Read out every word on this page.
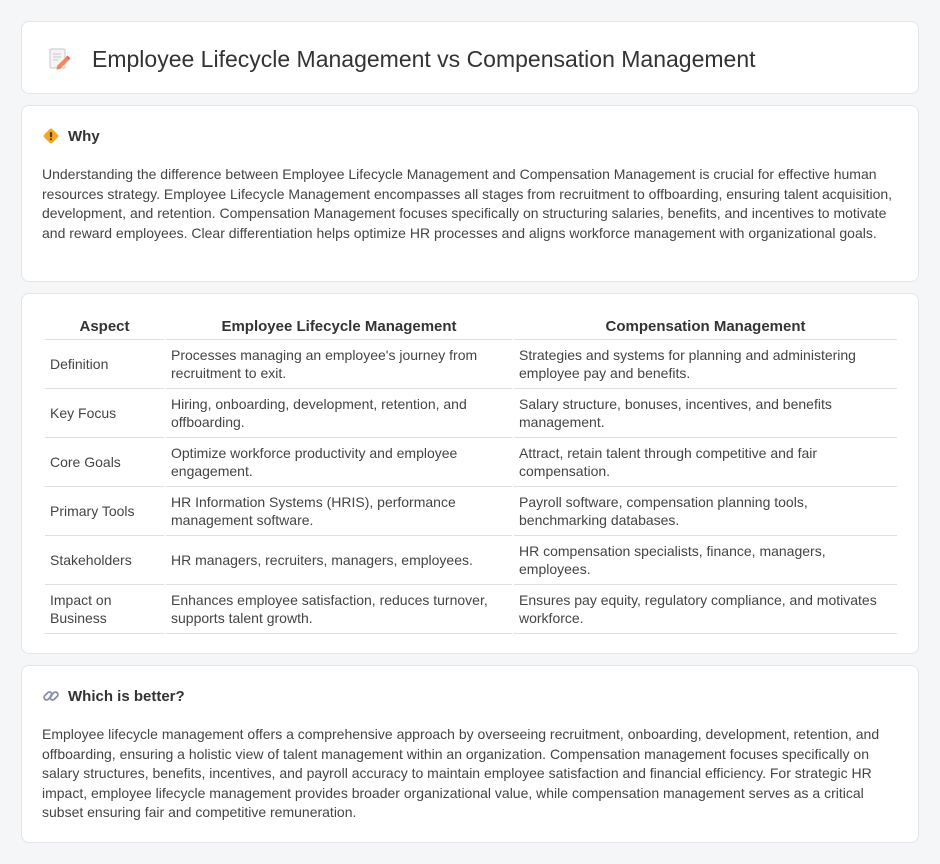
Employee Lifecycle Management vs Compensation Management
Why

Understanding the difference between Employee Lifecycle Management and Compensation Management is crucial for effective human resources strategy. Employee Lifecycle Management encompasses all stages from recruitment to offboarding, ensuring talent acquisition, development, and retention. Compensation Management focuses specifically on structuring salaries, benefits, and incentives to motivate and reward employees. Clear differentiation helps optimize HR processes and aligns workforce management with organizational goals.

Aspect	Employee Lifecycle Management	Compensation Management
Definition	Processes managing an employee's journey from recruitment to exit.	Strategies and systems for planning and administering employee pay and benefits.
Key Focus	Hiring, onboarding, development, retention, and offboarding.	Salary structure, bonuses, incentives, and benefits management.
Core Goals	Optimize workforce productivity and employee engagement.	Attract, retain talent through competitive and fair compensation.
Primary Tools	HR Information Systems (HRIS), performance management software.	Payroll software, compensation planning tools, benchmarking databases.
Stakeholders	HR managers, recruiters, managers, employees.	HR compensation specialists, finance, managers, employees.
Impact on Business	Enhances employee satisfaction, reduces turnover, supports talent growth.	Ensures pay equity, regulatory compliance, and motivates workforce.
Which is better?

Employee lifecycle management offers a comprehensive approach by overseeing recruitment, onboarding, development, retention, and offboarding, ensuring a holistic view of talent management within an organization. Compensation management focuses specifically on salary structures, benefits, incentives, and payroll accuracy to maintain employee satisfaction and financial efficiency. For strategic HR impact, employee lifecycle management provides broader organizational value, while compensation management serves as a critical subset ensuring fair and competitive remuneration.
